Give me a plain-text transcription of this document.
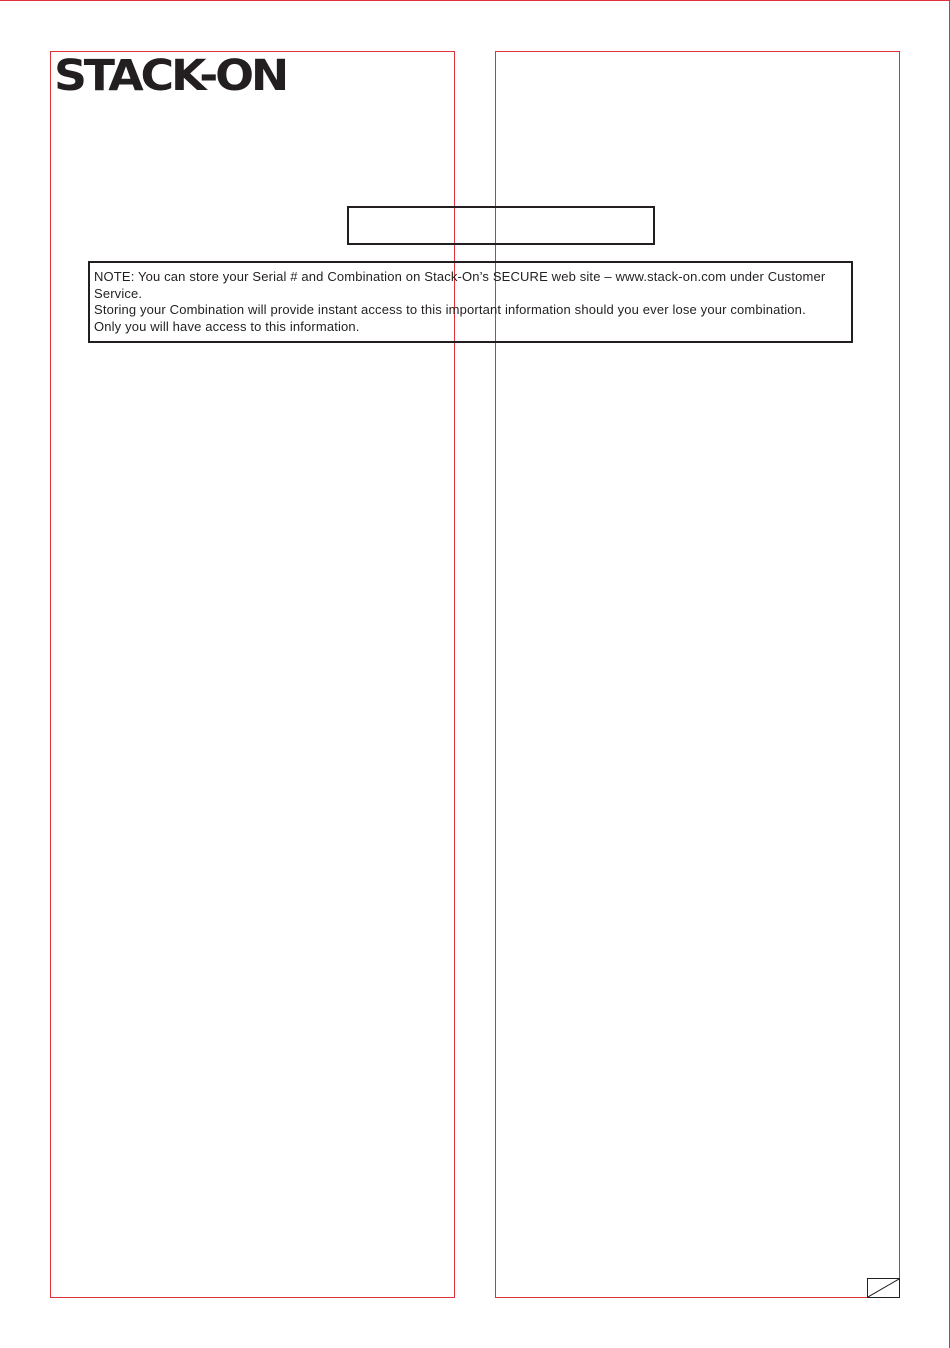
STACK-ON

NOTE: You can store your Serial # and Combination on Stack-On’s SECURE web site – www.stack-on.com under Customer Service.

Storing your Combination will provide instant access to this important information should you ever lose your combination.

Only you will have access to this information.
